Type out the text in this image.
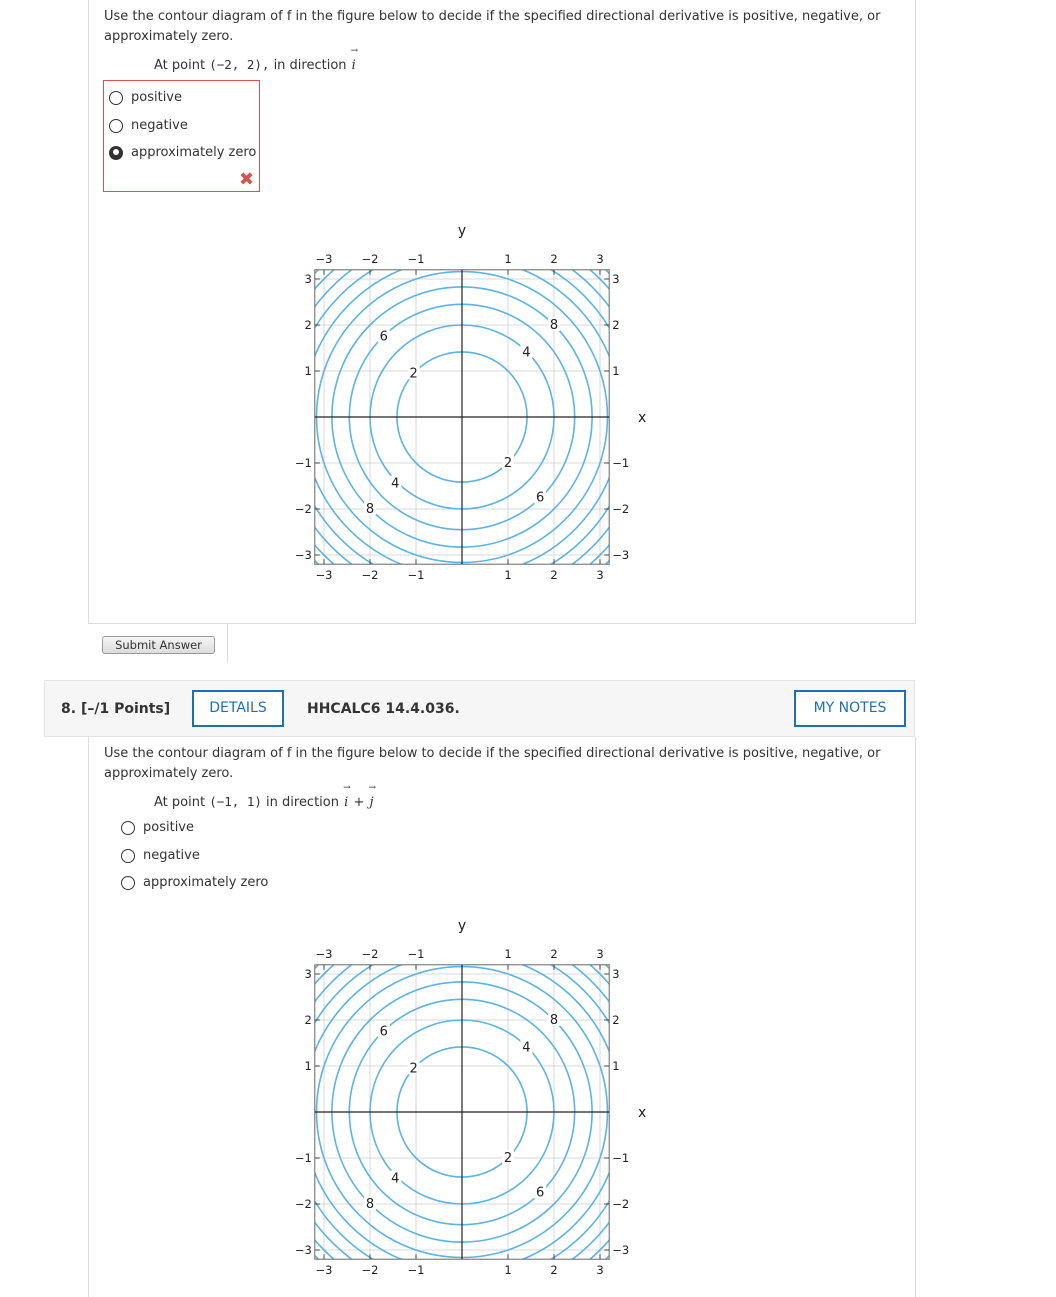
Use the contour diagram of f in the figure below to decide if the specified directional derivative is positive, negative, or approximately zero.
At point (−2, 2), in direction → i
positive
negative
approximately zero
✖
−3
−3
−3	−3
−2
−2
−2	−2
−1
−1
−1	−1
1
1
1	1
2
2
2	2
3
3
3	3
y
x
2
6
4
8
2
4
6
8
Submit Answer
8. [–/1 Points]	DETAILS	HHCALC6 14.4.036.	MY NOTES
Use the contour diagram of f in the figure below to decide if the specified directional derivative is positive, negative, or approximately zero.
At point (−1, 1) in direction → i + → j
positive
negative
approximately zero
−3
−3
−3	−3
−2
−2
−2	−2
−1
−1
−1	−1
1
1
1	1
2
2
2	2
3
3
3	3
y
x
2
6
4
8
2
4
6
8
